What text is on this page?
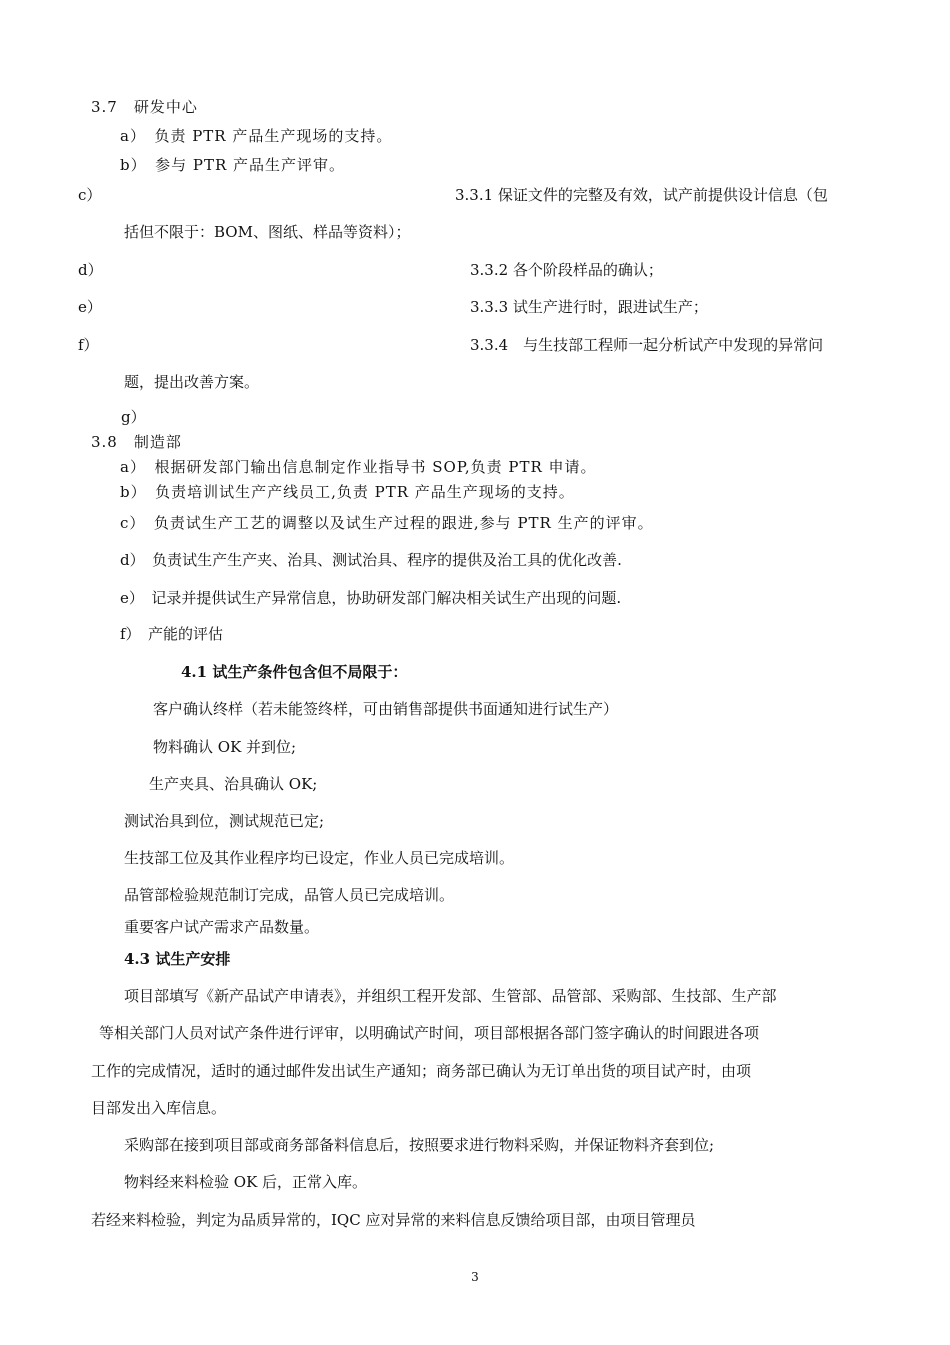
3.7　研发中心
a）　负责 PTR 产品生产现场的支持。
b）　参与 PTR 产品生产评审。
c）	3.3.1 保证文件的完整及有效，试产前提供设计信息（包
括但不限于：BOM、图纸、样品等资料）；
d）	3.3.2 各个阶段样品的确认；
e）	3.3.3 试生产进行时，跟进试生产；
f）	3.3.4　与生技部工程师一起分析试产中发现的异常问
题，提出改善方案。
g）
3.8　制造部
a）　根据研发部门输出信息制定作业指导书 SOP,负责 PTR 申请。
b）　负责培训试生产产线员工,负责 PTR 产品生产现场的支持。
c）　负责试生产工艺的调整以及试生产过程的跟进,参与 PTR 生产的评审。
d）　负责试生产生产夹、治具、测试治具、程序的提供及治工具的优化改善.
e）　记录并提供试生产异常信息，协助研发部门解决相关试生产出现的问题.
f）　产能的评估
4.1 试生产条件包含但不局限于：
客户确认终样（若未能签终样，可由销售部提供书面通知进行试生产）
物料确认 OK 并到位;
生产夹具、治具确认 OK;
测试治具到位，测试规范已定;
生技部工位及其作业程序均已设定，作业人员已完成培训。
品管部检验规范制订完成，品管人员已完成培训。
重要客户试产需求产品数量。
4.3 试生产安排
项目部填写《新产品试产申请表》，并组织工程开发部、生管部、品管部、采购部、生技部、生产部
等相关部门人员对试产条件进行评审，以明确试产时间，项目部根据各部门签字确认的时间跟进各项
工作的完成情况，适时的通过邮件发出试生产通知；商务部已确认为无订单出货的项目试产时，由项
目部发出入库信息。
采购部在接到项目部或商务部备料信息后，按照要求进行物料采购，并保证物料齐套到位;
物料经来料检验 OK 后，正常入库。
若经来料检验，判定为品质异常的，IQC 应对异常的来料信息反馈给项目部，由项目管理员
3
